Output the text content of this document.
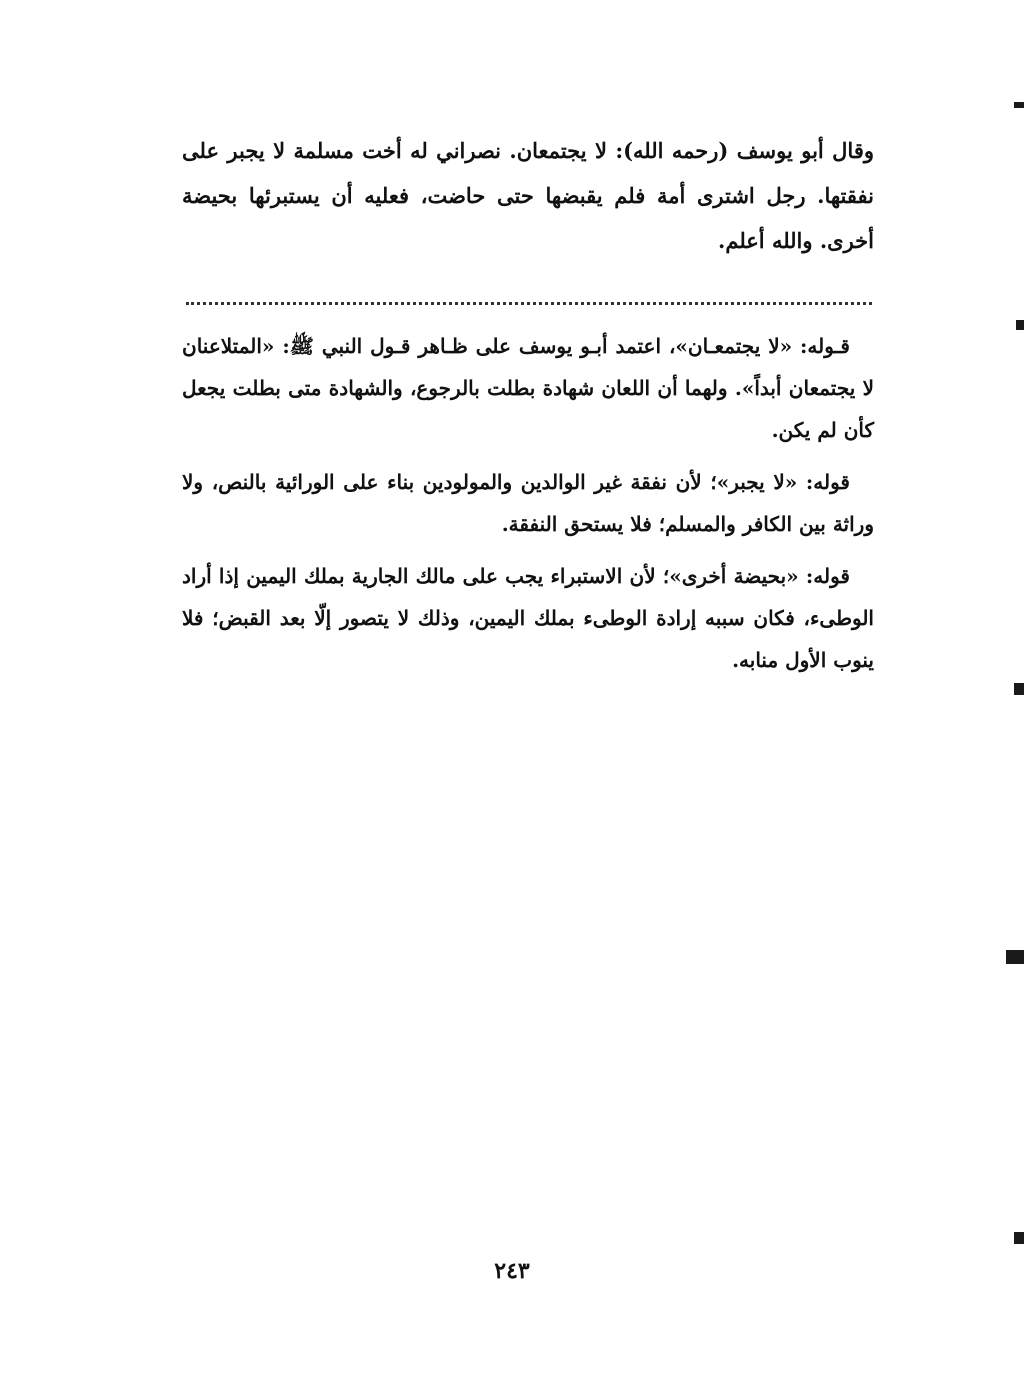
وقال أبو يوسف (رحمه الله): لا يجتمعان. نصراني له أخت مسلمة لا يجبر على نفقتها. رجل اشترى أمة فلم يقبضها حتى حاضت، فعليه أن يستبرئها بحيضة أخرى. والله أعلم.

قـوله: «لا يجتمعـان»، اعتمد أبـو يوسف على ظـاهر قـول النبي ﷺ: «المتلاعنان لا يجتمعان أبداً». ولهما أن اللعان شهادة بطلت بالرجوع، والشهادة متى بطلت يجعل كأن لم يكن.

قوله: «لا يجبر»؛ لأن نفقة غير الوالدين والمولودين بناء على الورائية بالنص، ولا وراثة بين الكافر والمسلم؛ فلا يستحق النفقة.

قوله: «بحيضة أخرى»؛ لأن الاستبراء يجب على مالك الجارية بملك اليمين إذا أراد الوطىء، فكان سببه إرادة الوطىء بملك اليمين، وذلك لا يتصور إلّا بعد القبض؛ فلا ينوب الأول منابه.

٢٤٣
